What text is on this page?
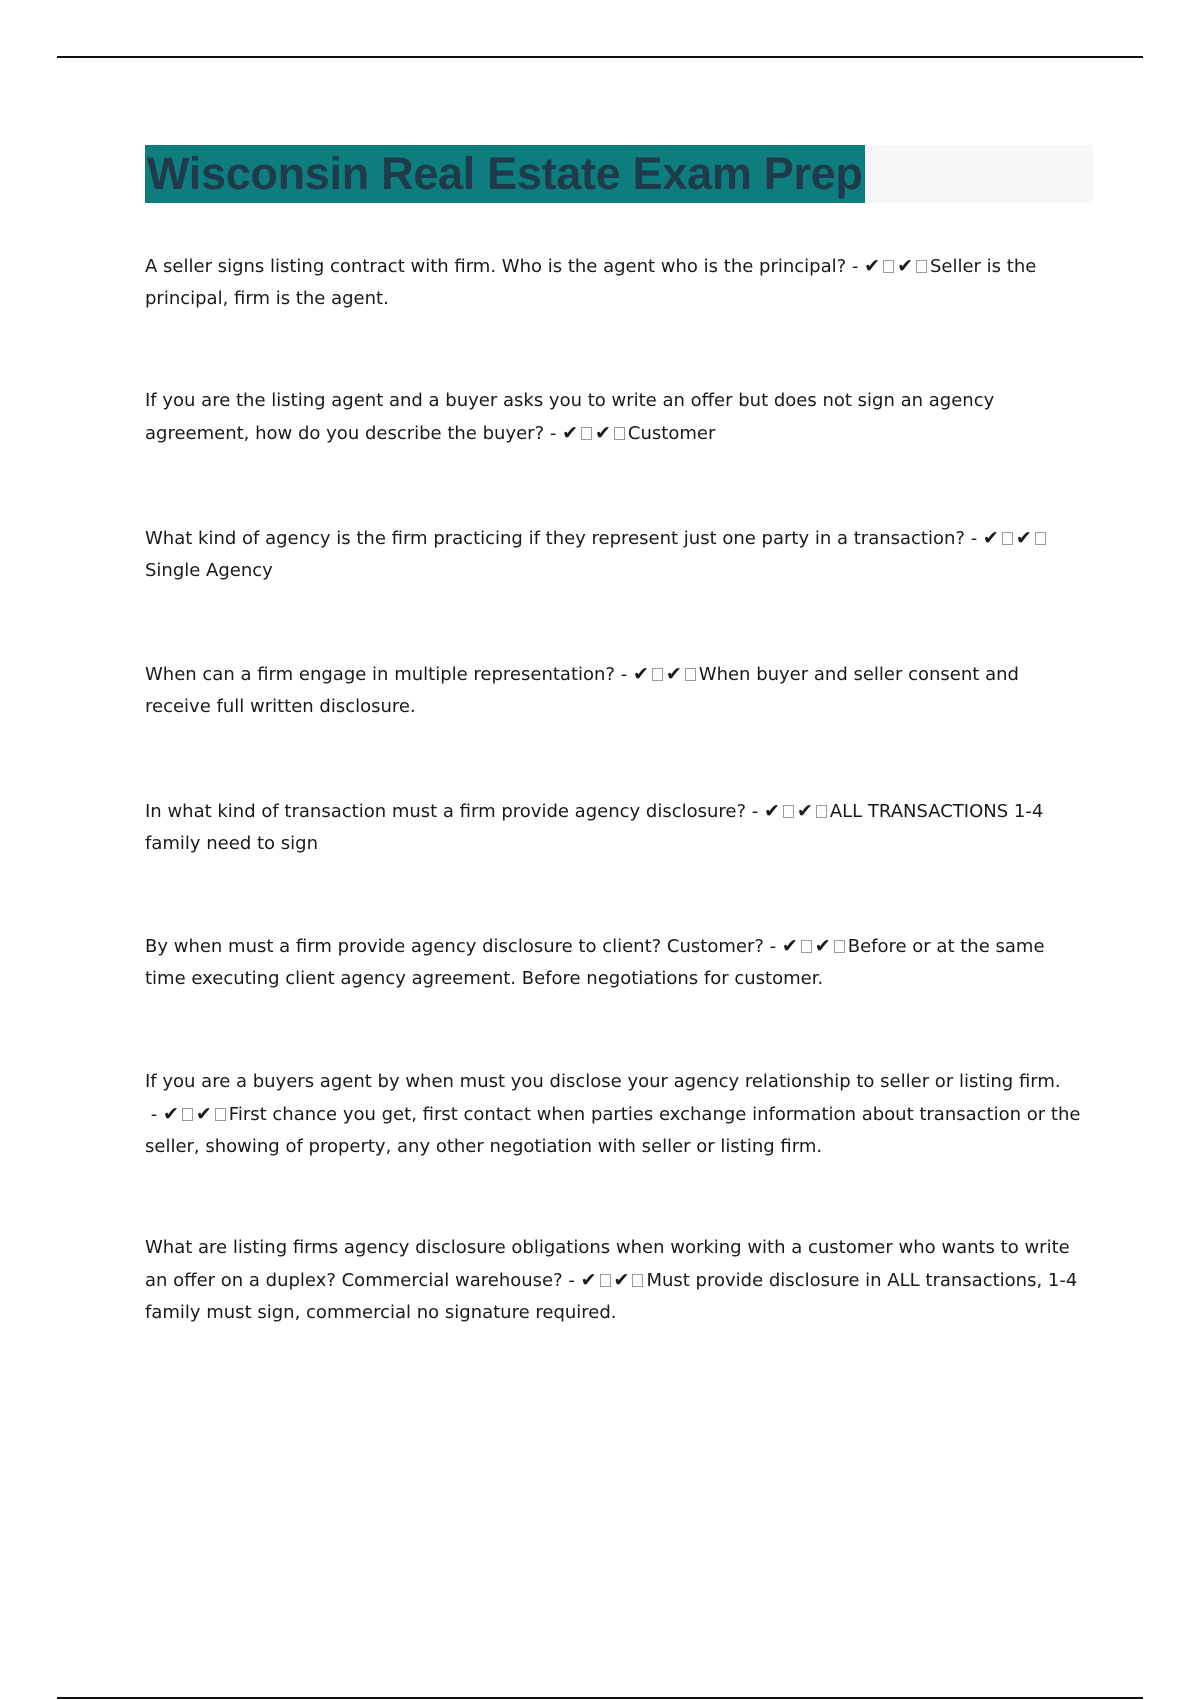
Wisconsin Real Estate Exam Prep
A seller signs listing contract with firm. Who is the agent who is the principal? - ✔ ✔ Seller is the principal, firm is the agent.
If you are the listing agent and a buyer asks you to write an offer but does not sign an agency agreement, how do you describe the buyer? - ✔ ✔ Customer
What kind of agency is the firm practicing if they represent just one party in a transaction? - ✔ ✔Single Agency
When can a firm engage in multiple representation? - ✔ ✔ When buyer and seller consent and receive full written disclosure.
In what kind of transaction must a firm provide agency disclosure? - ✔ ✔ ALL TRANSACTIONS 1-4 family need to sign
By when must a firm provide agency disclosure to client? Customer? - ✔ ✔ Before or at the same time executing client agency agreement. Before negotiations for customer.
If you are a buyers agent by when must you disclose your agency relationship to seller or listing firm. - ✔ ✔ First chance you get, first contact when parties exchange information about transaction or the seller, showing of property, any other negotiation with seller or listing firm.
What are listing firms agency disclosure obligations when working with a customer who wants to write an offer on a duplex? Commercial warehouse? - ✔ ✔ Must provide disclosure in ALL transactions, 1-4 family must sign, commercial no signature required.
